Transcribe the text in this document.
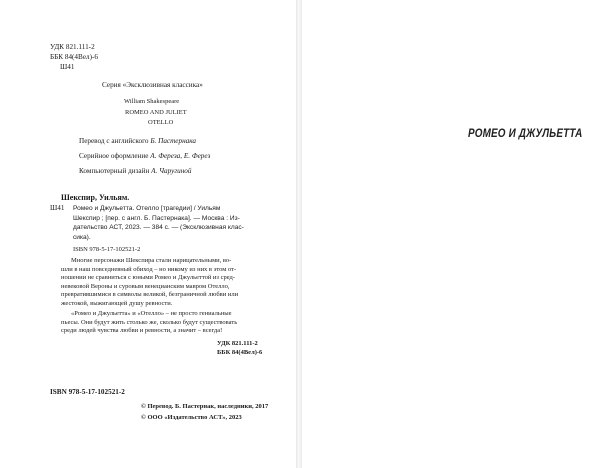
УДК 821.111-2
ББК 84(4Вел)-6
Ш41
Серия «Эксклюзивная классика»
William Shakespeare
ROMEO AND JULIET
OTELLO
Перевод с английского Б. Пастернака
Серийное оформление А. Фереза, Е. Ферез
Компьютерный дизайн А. Чаругиной
Шекспир, Уильям.
Ш41 Ромео и Джульетта. Отелло [трагедии] / Уильям
Шекспир ; [пер. с англ. Б. Пастернака]. — Москва : Из-
дательство АСТ, 2023. — 384 с. — (Эксклюзивная клас-
сика).
ISBN 978-5-17-102521-2
Многие персонажи Шекспира стали нарицательными, во-
шли в наш повседневный обиход – но никому из них в этом от-
ношении не сравниться с юными Ромео и Джульеттой из сред-
невековой Вероны и суровым венецианским мавром Отелло,
превратившимися в символы великой, безграничной любви или
жестокой, выжигающей душу ревности.
«Ромео и Джульетта» и «Отелло» – не просто гениальные
пьесы. Они будут жить столько же, сколько будут существовать
среди людей чувства любви и ревности, а значит – всегда!
УДК 821.111-2
ББК 84(4Вел)-6
ISBN 978-5-17-102521-2
© Перевод. Б. Пастернак, наследники, 2017
© ООО «Издательство АСТ», 2023
РОМЕО И ДЖУЛЬЕТТА
